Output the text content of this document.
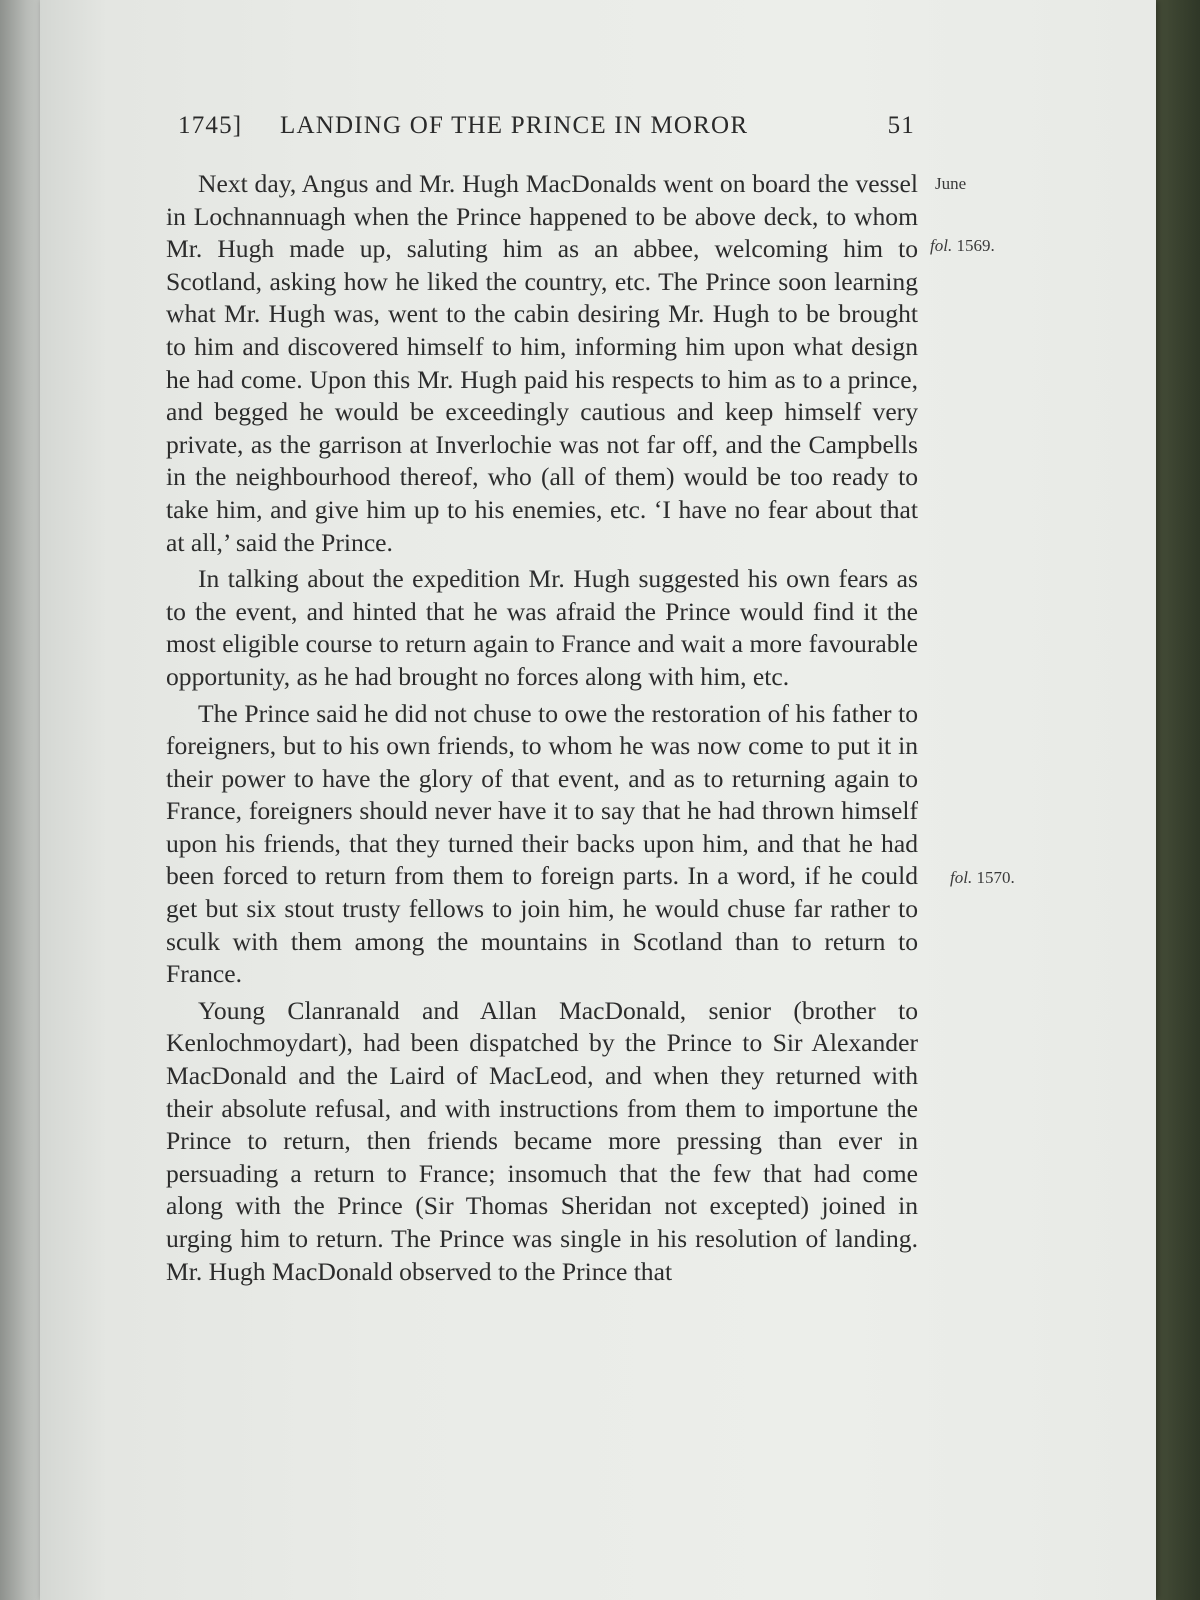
1745] LANDING OF THE PRINCE IN MOROR	51
June
fol. 1569.
fol. 1570.

Next day, Angus and Mr. Hugh MacDonalds went on board the vessel in Lochnannuagh when the Prince happened to be above deck, to whom Mr. Hugh made up, saluting him as an abbee, welcoming him to Scotland, asking how he liked the country, etc. The Prince soon learning what Mr. Hugh was, went to the cabin desiring Mr. Hugh to be brought to him and discovered himself to him, informing him upon what design he had come. Upon this Mr. Hugh paid his respects to him as to a prince, and begged he would be exceedingly cautious and keep himself very private, as the garrison at Inverlochie was not far off, and the Campbells in the neighbourhood thereof, who (all of them) would be too ready to take him, and give him up to his enemies, etc. ‘I have no fear about that at all,’ said the Prince.

In talking about the expedition Mr. Hugh suggested his own fears as to the event, and hinted that he was afraid the Prince would find it the most eligible course to return again to France and wait a more favourable opportunity, as he had brought no forces along with him, etc.

The Prince said he did not chuse to owe the restoration of his father to foreigners, but to his own friends, to whom he was now come to put it in their power to have the glory of that event, and as to returning again to France, foreigners should never have it to say that he had thrown himself upon his friends, that they turned their backs upon him, and that he had been forced to return from them to foreign parts. In a word, if he could get but six stout trusty fellows to join him, he would chuse far rather to sculk with them among the mountains in Scotland than to return to France.

Young Clanranald and Allan MacDonald, senior (brother to Kenlochmoydart), had been dispatched by the Prince to Sir Alexander MacDonald and the Laird of MacLeod, and when they returned with their absolute refusal, and with instructions from them to importune the Prince to return, then friends became more pressing than ever in persuading a return to France; insomuch that the few that had come along with the Prince (Sir Thomas Sheridan not excepted) joined in urging him to return. The Prince was single in his resolution of landing. Mr. Hugh MacDonald observed to the Prince that
